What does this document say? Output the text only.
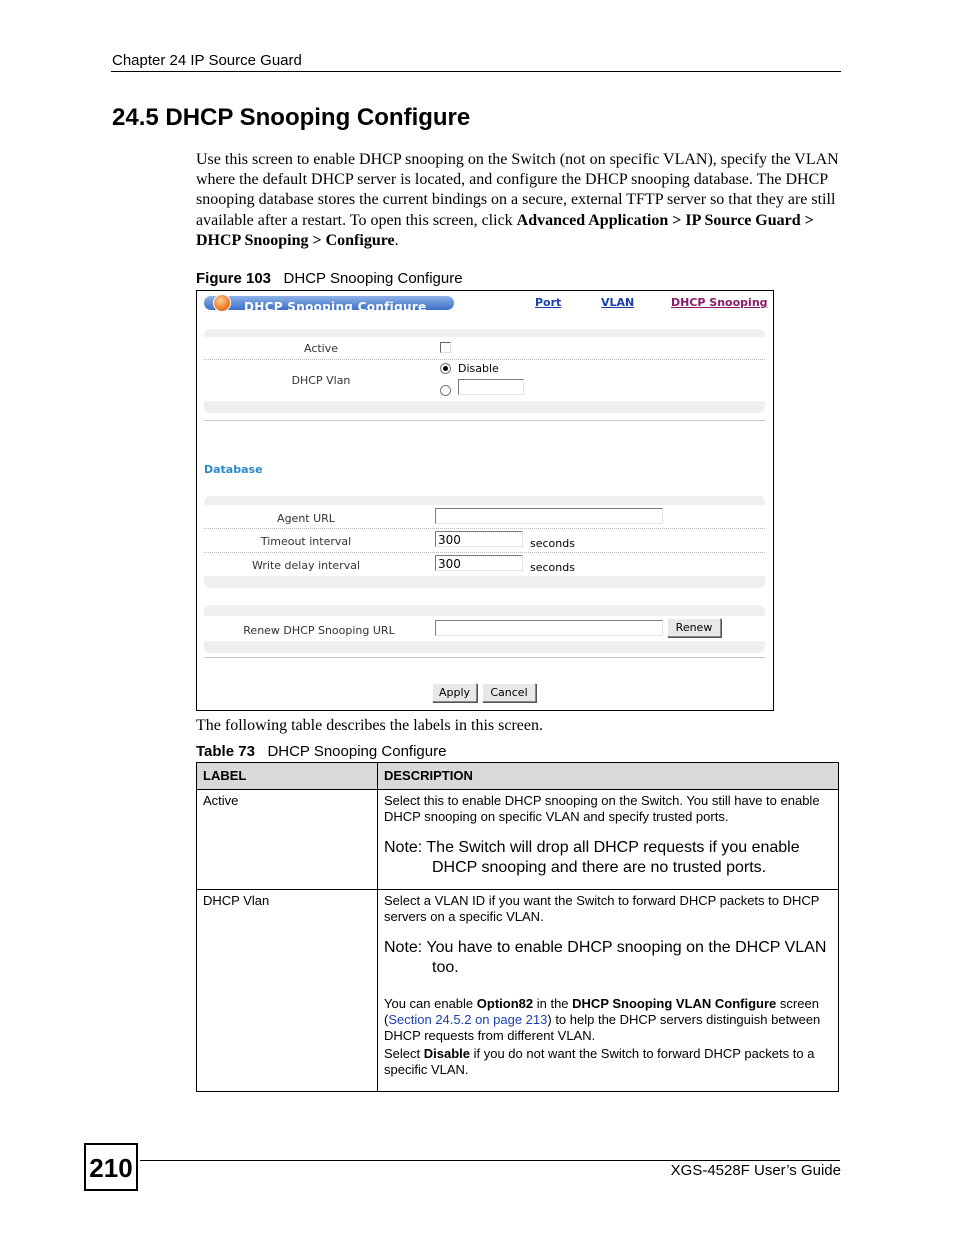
Chapter 24 IP Source Guard
24.5 DHCP Snooping Configure
Use this screen to enable DHCP snooping on the Switch (not on specific VLAN), specify the VLAN where the default DHCP server is located, and configure the DHCP snooping database. The DHCP snooping database stores the current bindings on a secure, external TFTP server so that they are still available after a restart. To open this screen, click Advanced Application > IP Source Guard > DHCP Snooping > Configure.
Figure 103 DHCP Snooping Configure
DHCP Snooping Configure	Port	VLAN	DHCP Snooping
Active
DHCP Vlan
Disable
Database
Agent URL
Timeout interval	300	seconds
Write delay interval	300	seconds
Renew DHCP Snooping URL	Renew
Apply	Cancel
The following table describes the labels in this screen.
Table 73 DHCP Snooping Configure
LABEL	DESCRIPTION
Active	Select this to enable DHCP snooping on the Switch. You still have to enable DHCP snooping on specific VLAN and specify trusted ports.

Note: The Switch will drop all DHCP requests if you enable DHCP snooping and there are no trusted ports.

DHCP Vlan	Select a VLAN ID if you want the Switch to forward DHCP packets to DHCP servers on a specific VLAN.

Note: You have to enable DHCP snooping on the DHCP VLAN too.

You can enable Option82 in the DHCP Snooping VLAN Configure screen (Section 24.5.2 on page 213) to help the DHCP servers distinguish between DHCP requests from different VLAN.

Select Disable if you do not want the Switch to forward DHCP packets to a specific VLAN.

210	XGS-4528F User’s Guide
